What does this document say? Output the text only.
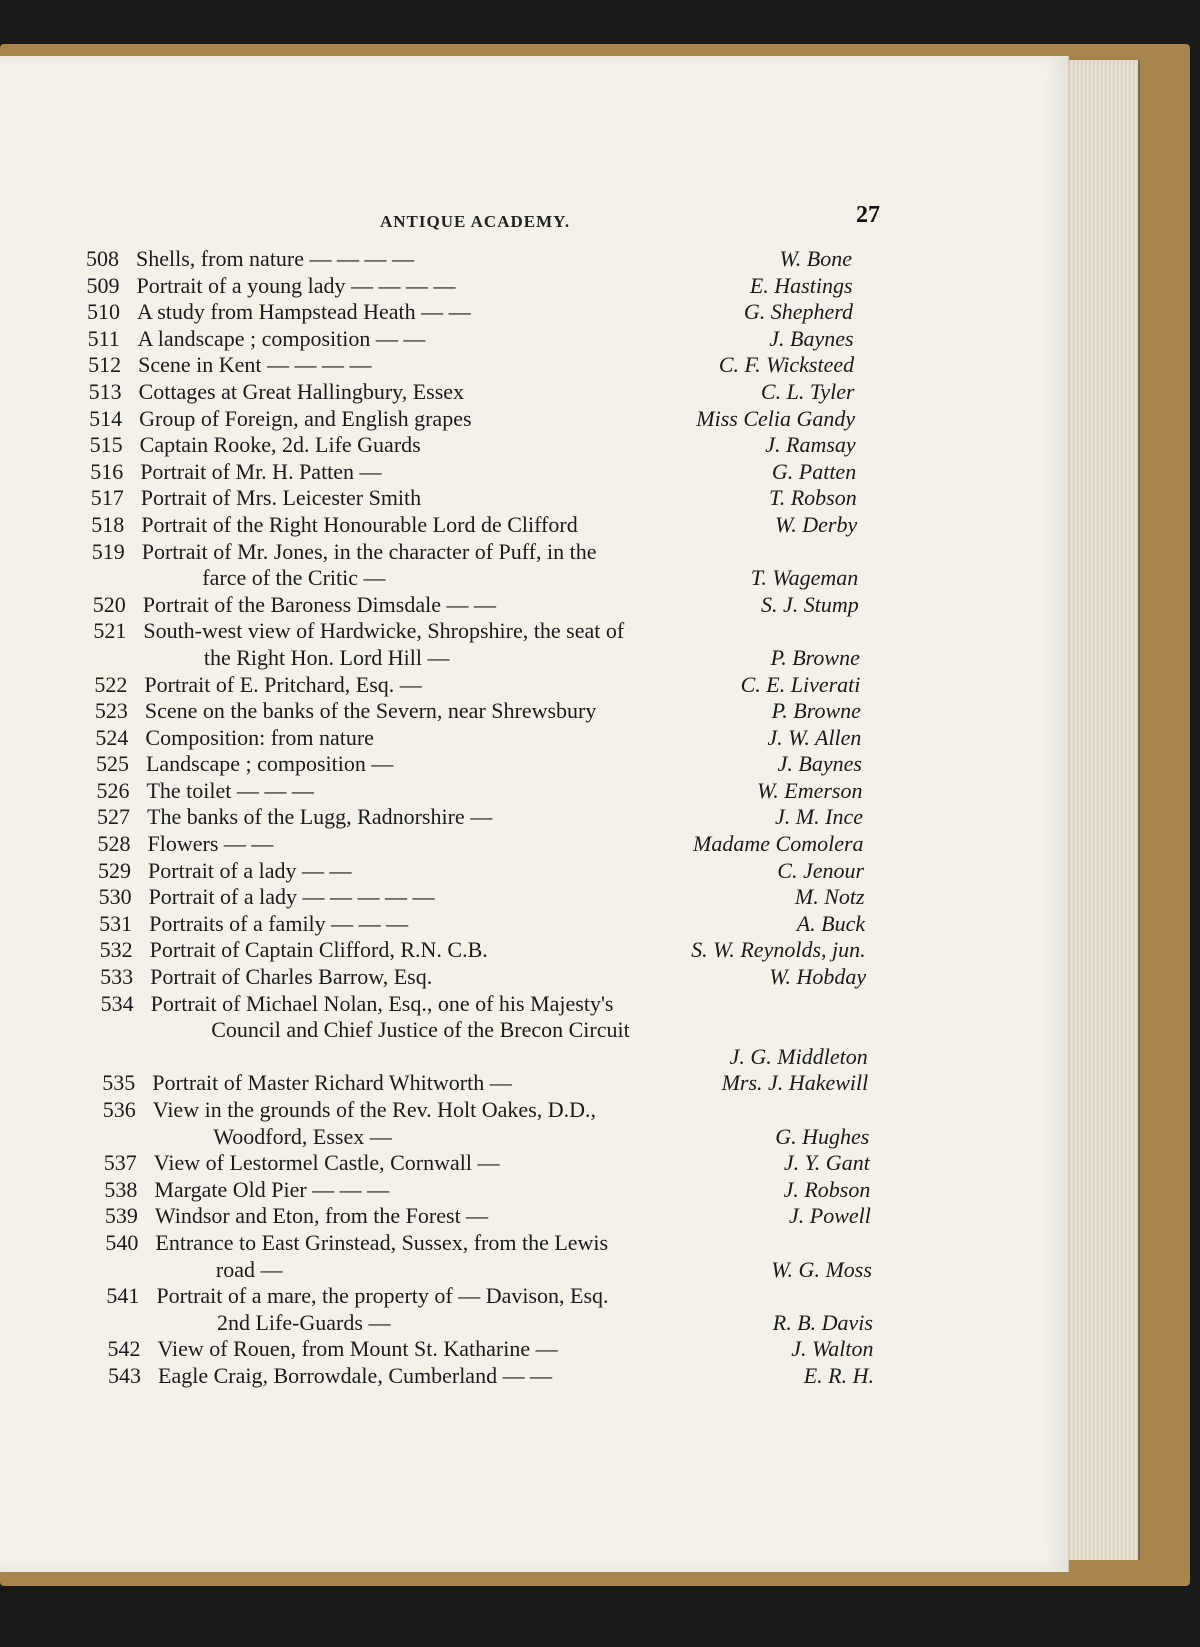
ANTIQUE ACADEMY.	27
508 Shells, from nature — — — —	W. Bone
509 Portrait of a young lady — — — —	E. Hastings
510 A study from Hampstead Heath — —	G. Shepherd
511 A landscape ; composition — —	J. Baynes
512 Scene in Kent — — — —	C. F. Wicksteed
513 Cottages at Great Hallingbury, Essex	C. L. Tyler
514 Group of Foreign, and English grapes	Miss Celia Gandy
515 Captain Rooke, 2d. Life Guards	J. Ramsay
516 Portrait of Mr. H. Patten —	G. Patten
517 Portrait of Mrs. Leicester Smith	T. Robson
518 Portrait of the Right Honourable Lord de Clifford	W. Derby
519 Portrait of Mr. Jones, in the character of Puff, in the
farce of the Critic —	T. Wageman
520 Portrait of the Baroness Dimsdale — —	S. J. Stump
521 South-west view of Hardwicke, Shropshire, the seat of
the Right Hon. Lord Hill —	P. Browne
522 Portrait of E. Pritchard, Esq. —	C. E. Liverati
523 Scene on the banks of the Severn, near Shrewsbury	P. Browne
524 Composition: from nature	J. W. Allen
525 Landscape ; composition —	J. Baynes
526 The toilet — — —	W. Emerson
527 The banks of the Lugg, Radnorshire —	J. M. Ince
528 Flowers — —	Madame Comolera
529 Portrait of a lady — —	C. Jenour
530 Portrait of a lady — — — — —	M. Notz
531 Portraits of a family — — —	A. Buck
532 Portrait of Captain Clifford, R.N. C.B.	S. W. Reynolds, jun.
533 Portrait of Charles Barrow, Esq.	W. Hobday
534 Portrait of Michael Nolan, Esq., one of his Majesty's
Council and Chief Justice of the Brecon Circuit
J. G. Middleton
535 Portrait of Master Richard Whitworth —	Mrs. J. Hakewill
536 View in the grounds of the Rev. Holt Oakes, D.D.,
Woodford, Essex —	G. Hughes
537 View of Lestormel Castle, Cornwall —	J. Y. Gant
538 Margate Old Pier — — —	J. Robson
539 Windsor and Eton, from the Forest —	J. Powell
540 Entrance to East Grinstead, Sussex, from the Lewis
road —	W. G. Moss
541 Portrait of a mare, the property of — Davison, Esq.
2nd Life-Guards —	R. B. Davis
542 View of Rouen, from Mount St. Katharine —	J. Walton
543 Eagle Craig, Borrowdale, Cumberland — —	E. R. H.
